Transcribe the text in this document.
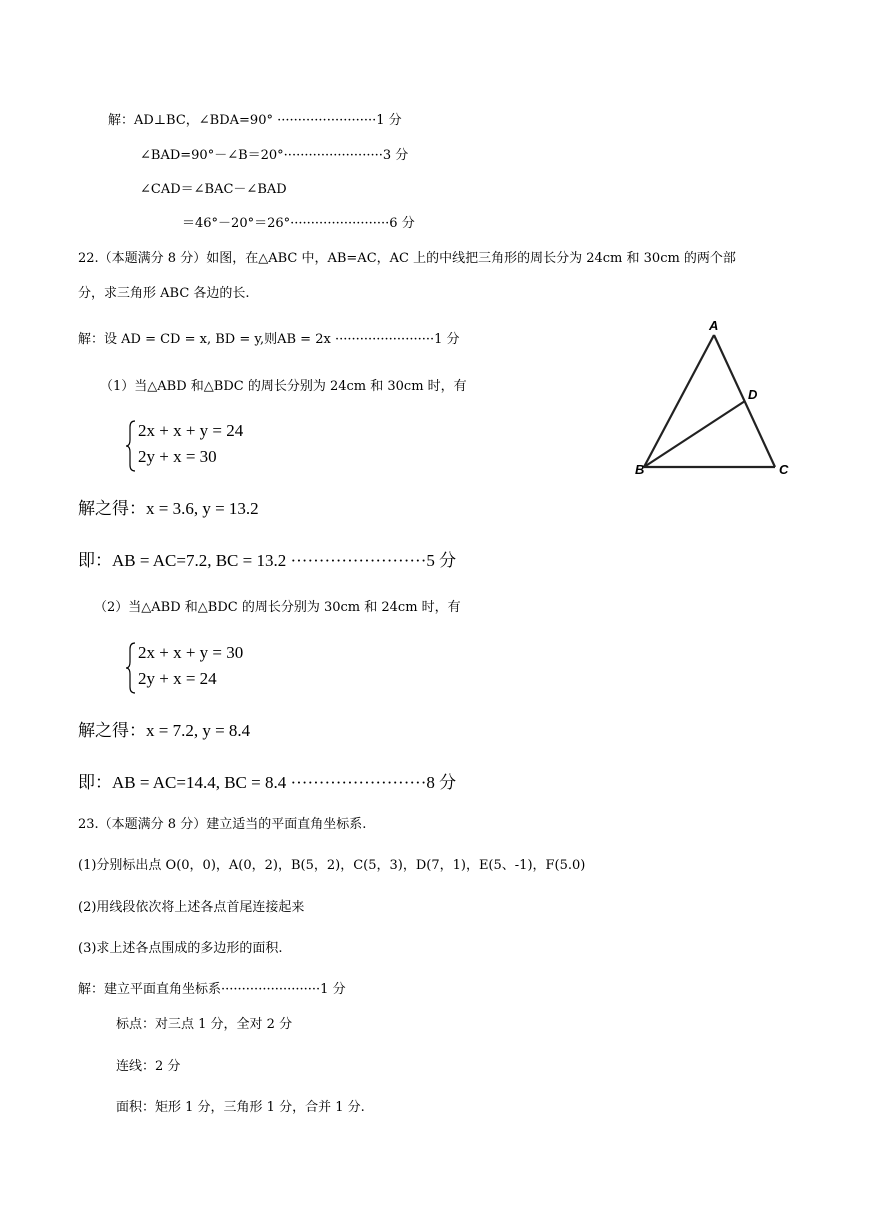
解：AD⊥BC，∠BDA=90° ························1 分
∠BAD=90°－∠B＝20°························3 分
∠CAD＝∠BAC－∠BAD
＝46°－20°＝26°························6 分
22.（本题满分 8 分）如图，在△ABC 中，AB=AC，AC 上的中线把三角形的周长分为 24cm 和 30cm 的两个部
分，求三角形 ABC 各边的长.
解：设 AD = CD = x, BD = y,则AB = 2x ························1 分
（1）当△ABD 和△BDC 的周长分别为 24cm 和 30cm 时，有
2x + x + y = 24
2y + x = 30
解之得：x = 3.6, y = 13.2
即：AB = AC=7.2, BC = 13.2 ························5 分
（2）当△ABD 和△BDC 的周长分别为 30cm 和 24cm 时，有
2x + x + y = 30
2y + x = 24
解之得：x = 7.2, y = 8.4
即：AB = AC=14.4, BC = 8.4 ························8 分
A
D
B	C
23.（本题满分 8 分）建立适当的平面直角坐标系.
(1)分别标出点 O(0，0)，A(0，2)，B(5，2)，C(5，3)，D(7，1)，E(5、-1)，F(5.0)
(2)用线段依次将上述各点首尾连接起来
(3)求上述各点围成的多边形的面积.
解：建立平面直角坐标系························1 分
标点：对三点 1 分，全对 2 分
连线：2 分
面积：矩形 1 分，三角形 1 分，合并 1 分.
